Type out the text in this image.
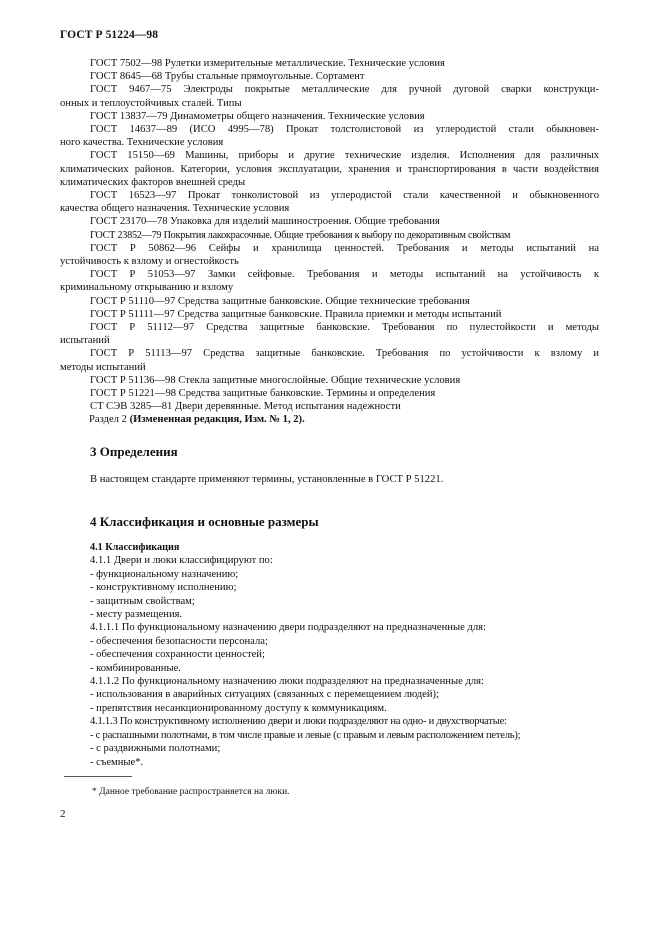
ГОСТ Р 51224—98
ГОСТ 7502—98 Рулетки измерительные металлические. Технические условия
ГОСТ 8645—68 Трубы стальные прямоугольные. Сортамент
ГОСТ 9467—75 Электроды покрытые металлические для ручной дуговой сварки конструкци-
онных и теплоустойчивых сталей. Типы
ГОСТ 13837—79 Динамометры общего назначения. Технические условия
ГОСТ 14637—89 (ИСО 4995—78) Прокат толстолистовой из углеродистой стали обыкновен-
ного качества. Технические условия
ГОСТ 15150—69 Машины, приборы и другие технические изделия. Исполнения для различных
климатических районов. Категории, условия эксплуатации, хранения и транспортирования в части воздействия климатических факторов внешней среды
ГОСТ 16523—97 Прокат тонколистовой из углеродистой стали качественной и обыкновенного
качества общего назначения. Технические условия
ГОСТ 23170—78 Упаковка для изделий машиностроения. Общие требования
ГОСТ 23852—79 Покрытия лакокрасочные. Общие требования к выбору по декоративным свойствам
ГОСТ Р 50862—96 Сейфы и хранилища ценностей. Требования и методы испытаний на
устойчивость к взлому и огнестойкость
ГОСТ Р 51053—97 Замки сейфовые. Требования и методы испытаний на устойчивость к
криминальному открыванию и взлому
ГОСТ Р 51110—97 Средства защитные банковские. Общие технические требования
ГОСТ Р 51111—97 Средства защитные банковские. Правила приемки и методы испытаний
ГОСТ Р 51112—97 Средства защитные банковские. Требования по пулестойкости и методы
испытаний
ГОСТ Р 51113—97 Средства защитные банковские. Требования по устойчивости к взлому и
методы испытаний
ГОСТ Р 51136—98 Стекла защитные многослойные. Общие технические условия
ГОСТ Р 51221—98 Средства защитные банковские. Термины и определения
СТ СЭВ 3285—81 Двери деревянные. Метод испытания надежности
Раздел 2 (Измененная редакция, Изм. № 1, 2).
3 Определения
В настоящем стандарте применяют термины, установленные в ГОСТ Р 51221.
4 Классификация и основные размеры
4.1 Классификация
4.1.1 Двери и люки классифицируют по:
- функциональному назначению;
- конструктивному исполнению;
- защитным свойствам;
- месту размещения.
4.1.1.1 По функциональному назначению двери подразделяют на предназначенные для:
- обеспечения безопасности персонала;
- обеспечения сохранности ценностей;
- комбинированные.
4.1.1.2 По функциональному назначению люки подразделяют на предназначенные для:
- использования в аварийных ситуациях (связанных с перемещением людей);
- препятствия несанкционированному доступу к коммуникациям.
4.1.1.3 По конструктивному исполнению двери и люки подразделяют на одно- и двухстворчатые:
- с распашными полотнами, в том числе правые и левые (с правым и левым расположением петель);
- с раздвижными полотнами;
- съемные*.
* Данное требование распространяется на люки.
2
